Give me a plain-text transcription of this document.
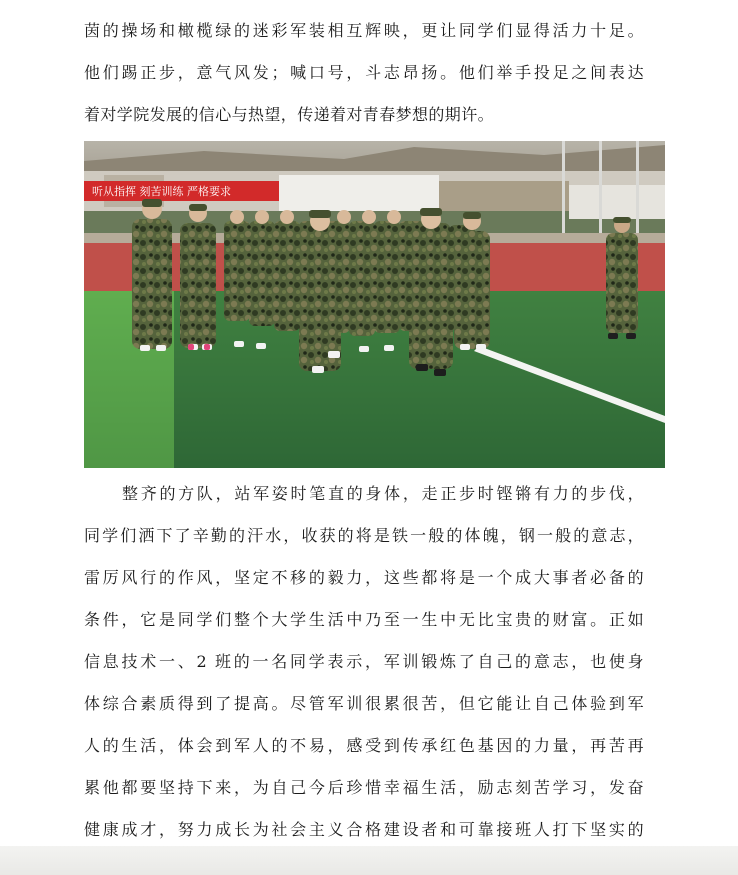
茵的操场和橄榄绿的迷彩军装相互辉映，更让同学们显得活力十足。
他们踢正步，意气风发；喊口号，斗志昂扬。他们举手投足之间表达
着对学院发展的信心与热望，传递着对青春梦想的期许。
整齐的方队，站军姿时笔直的身体，走正步时铿锵有力的步伐，
同学们洒下了辛勤的汗水，收获的将是铁一般的体魄，钢一般的意志，
雷厉风行的作风，坚定不移的毅力，这些都将是一个成大事者必备的
条件，它是同学们整个大学生活中乃至一生中无比宝贵的财富。正如
信息技术一、2 班的一名同学表示，军训锻炼了自己的意志，也使身
体综合素质得到了提高。尽管军训很累很苦，但它能让自己体验到军
人的生活，体会到军人的不易，感受到传承红色基因的力量，再苦再
累他都要坚持下来，为自己今后珍惜幸福生活，励志刻苦学习，发奋
健康成才，努力成长为社会主义合格建设者和可靠接班人打下坚实的
听从指挥 刻苦训练 严格要求
